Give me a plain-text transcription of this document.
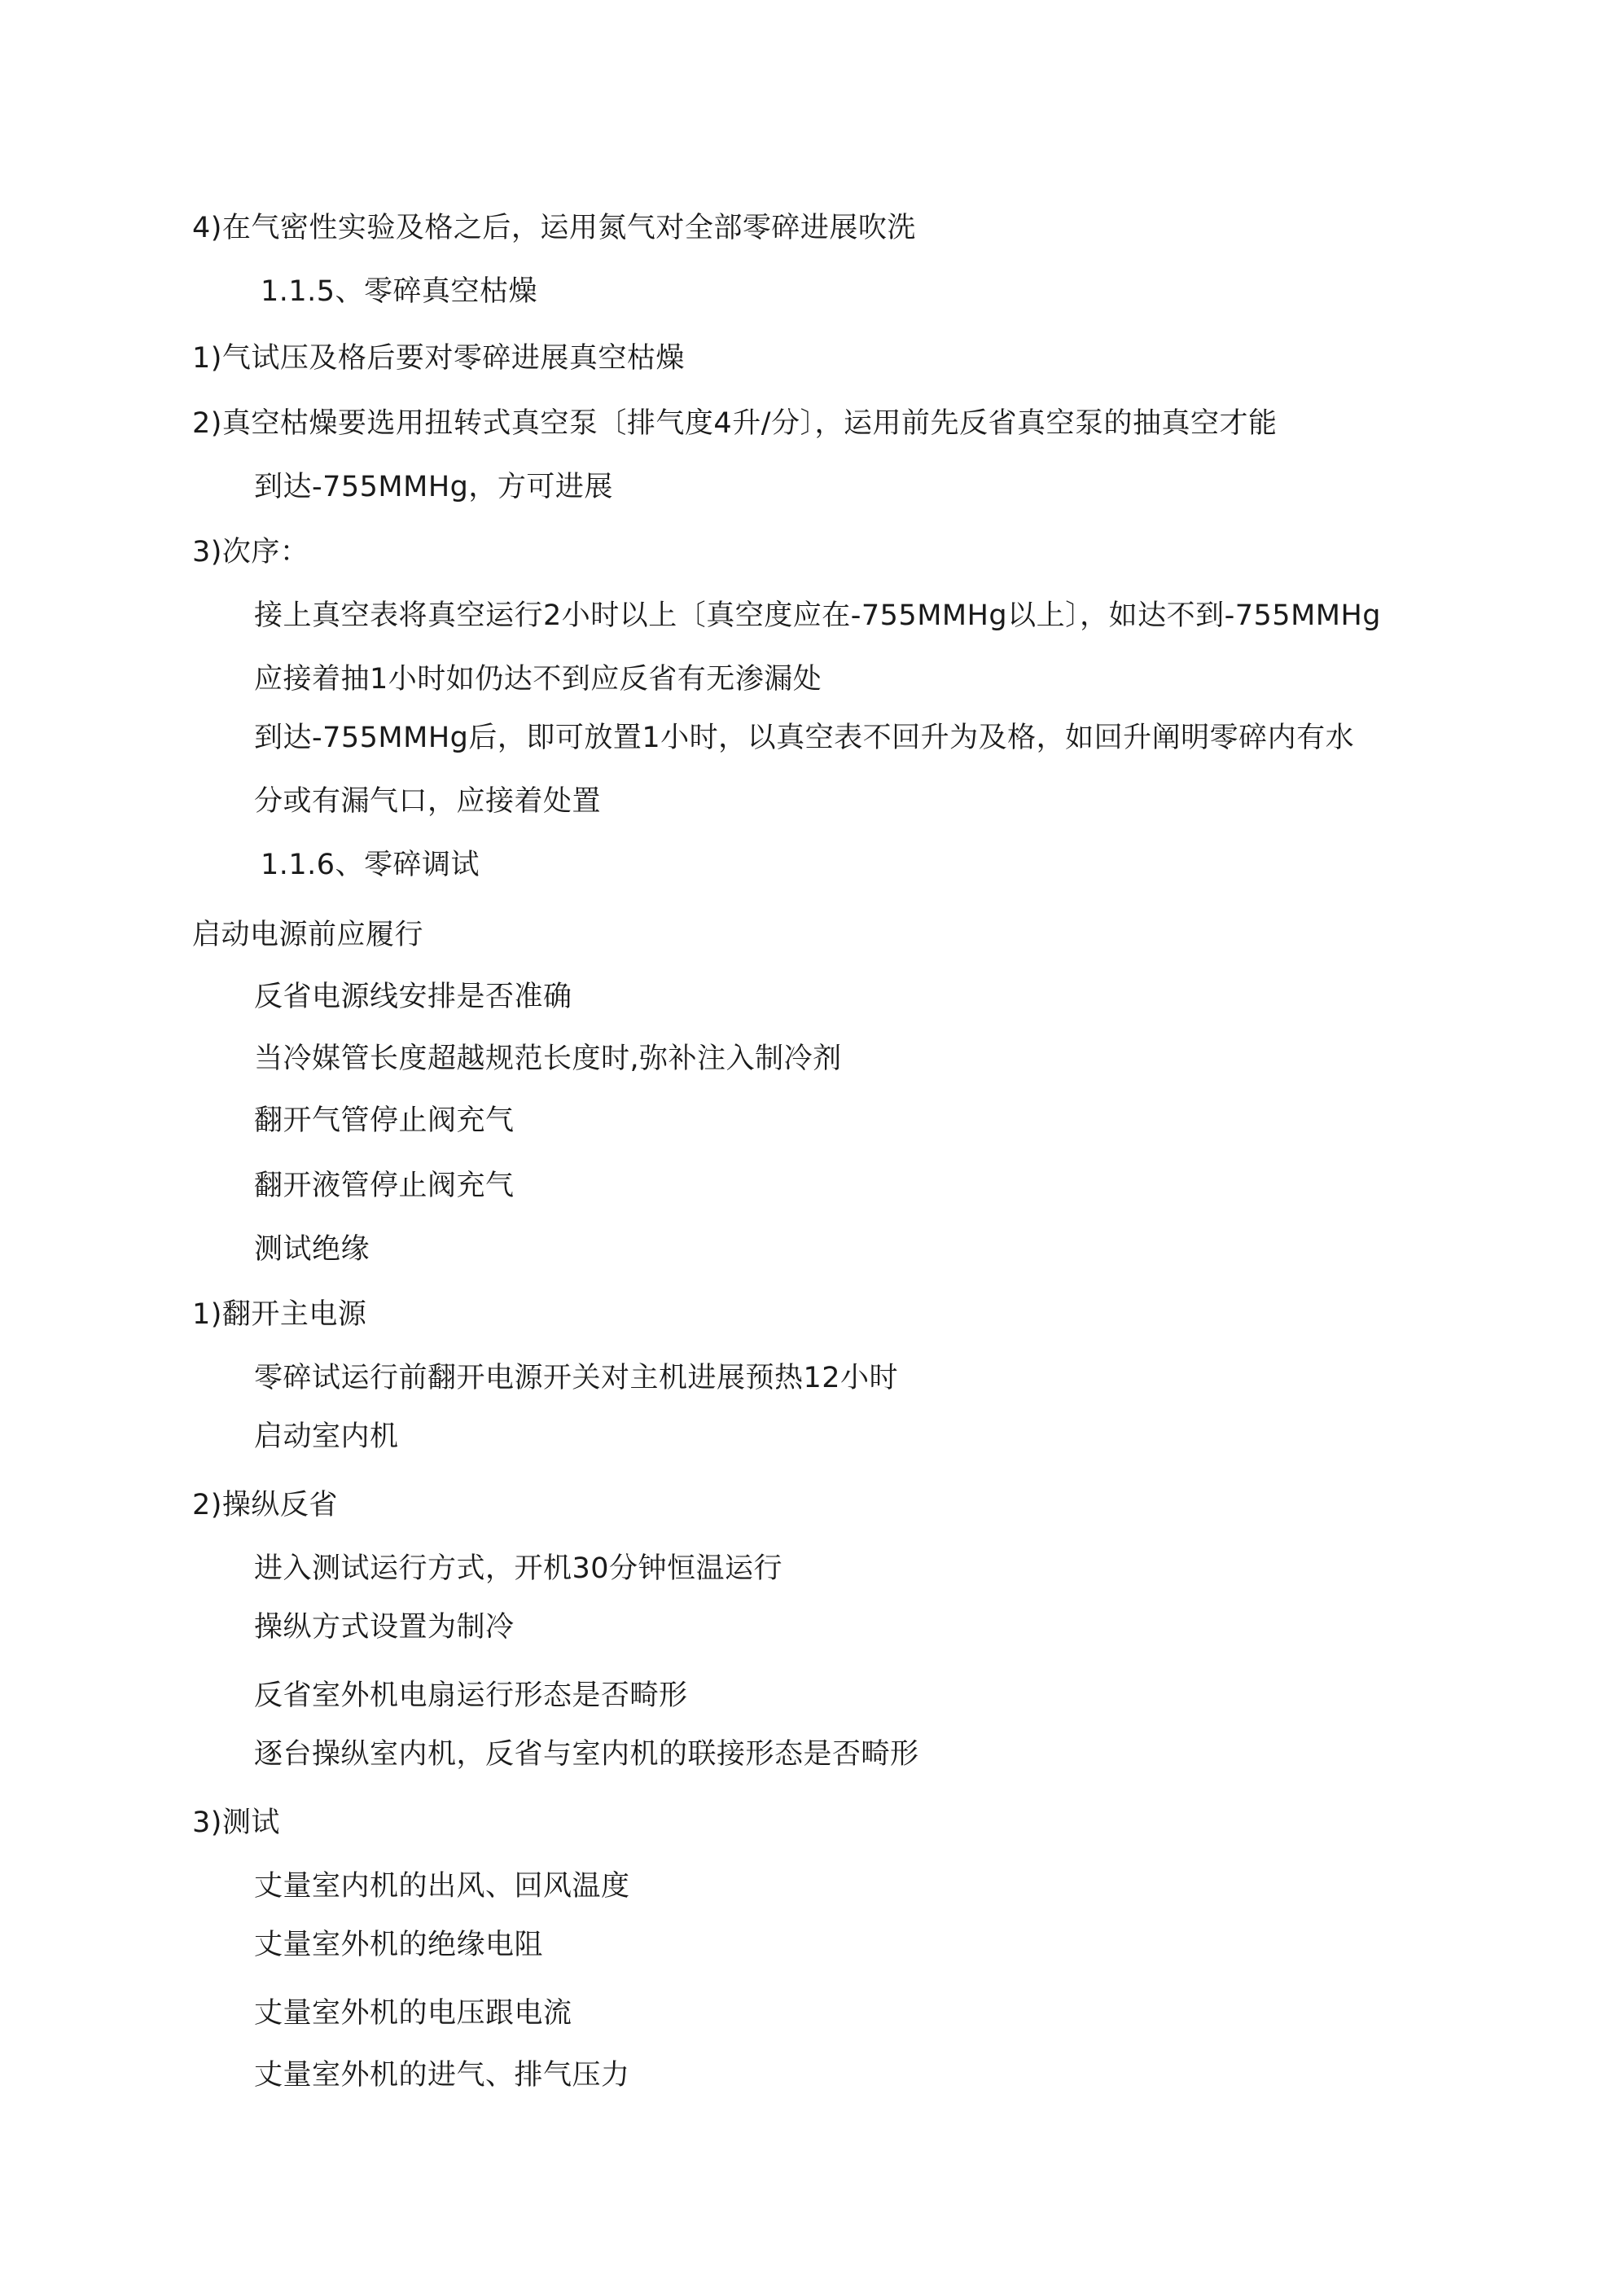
4)在气密性实验及格之后，运用氮气对全部零碎进展吹洗
1.1.5、零碎真空枯燥
1)气试压及格后要对零碎进展真空枯燥
2)真空枯燥要选用扭转式真空泵〔排气度4升/分〕，运用前先反省真空泵的抽真空才能
到达-755MMHg，方可进展
3)次序：
接上真空表将真空运行2小时以上〔真空度应在-755MMHg以上〕，如达不到-755MMHg
应接着抽1小时如仍达不到应反省有无渗漏处
到达-755MMHg后，即可放置1小时，以真空表不回升为及格，如回升阐明零碎内有水
分或有漏气口，应接着处置
1.1.6、零碎调试
启动电源前应履行
反省电源线安排是否准确
当冷媒管长度超越规范长度时,弥补注入制冷剂
翻开气管停止阀充气
翻开液管停止阀充气
测试绝缘
1)翻开主电源
零碎试运行前翻开电源开关对主机进展预热12小时
启动室内机
2)操纵反省
进入测试运行方式，开机30分钟恒温运行
操纵方式设置为制冷
反省室外机电扇运行形态是否畸形
逐台操纵室内机，反省与室内机的联接形态是否畸形
3)测试
丈量室内机的出风、回风温度
丈量室外机的绝缘电阻
丈量室外机的电压跟电流
丈量室外机的进气、排气压力
